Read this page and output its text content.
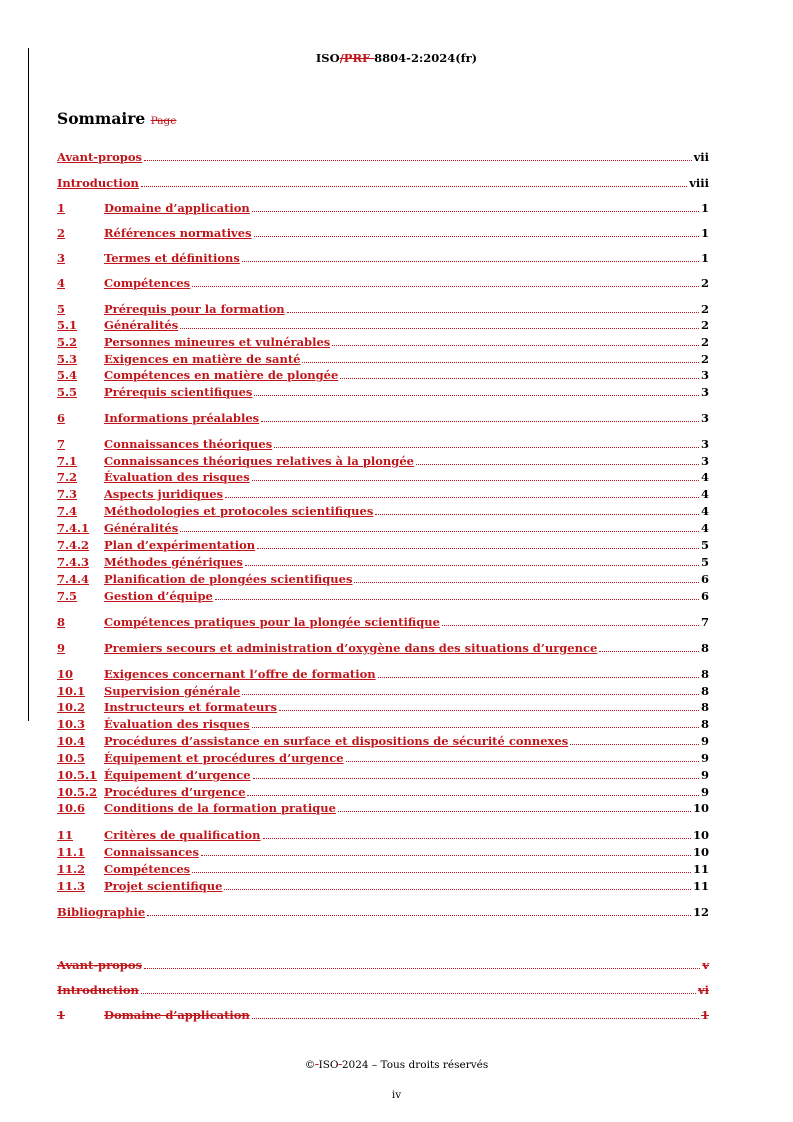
ISO/PRF 8804-2:2024(fr)
Sommaire Page
Avant-propos	vii
Introduction	viii
1	Domaine d’application	1
2	Références normatives	1
3	Termes et définitions	1
4	Compétences	2
5	Prérequis pour la formation	2
5.1	Généralités	2
5.2	Personnes mineures et vulnérables	2
5.3	Exigences en matière de santé	2
5.4	Compétences en matière de plongée	3
5.5	Prérequis scientifiques	3
6	Informations préalables	3
7	Connaissances théoriques	3
7.1	Connaissances théoriques relatives à la plongée	3
7.2	Évaluation des risques	4
7.3	Aspects juridiques	4
7.4	Méthodologies et protocoles scientifiques	4
7.4.1	Généralités	4
7.4.2	Plan d’expérimentation	5
7.4.3	Méthodes génériques	5
7.4.4	Planification de plongées scientifiques	6
7.5	Gestion d’équipe	6
8	Compétences pratiques pour la plongée scientifique	7
9	Premiers secours et administration d’oxygène dans des situations d’urgence	8
10	Exigences concernant l’offre de formation	8
10.1	Supervision générale	8
10.2	Instructeurs et formateurs	8
10.3	Évaluation des risques	8
10.4	Procédures d’assistance en surface et dispositions de sécurité connexes	9
10.5	Équipement et procédures d’urgence	9
10.5.1 Équipement d’urgence	9
10.5.2 Procédures d’urgence	9
10.6	Conditions de la formation pratique	10
11	Critères de qualification	10
11.1	Connaissances	10
11.2	Compétences	11
11.3	Projet scientifique	11
Bibliographie	12
Avant-propos	v
Introduction	vi
1	Domaine d’application	1
© ISO 2024 – Tous droits réservés
iv
